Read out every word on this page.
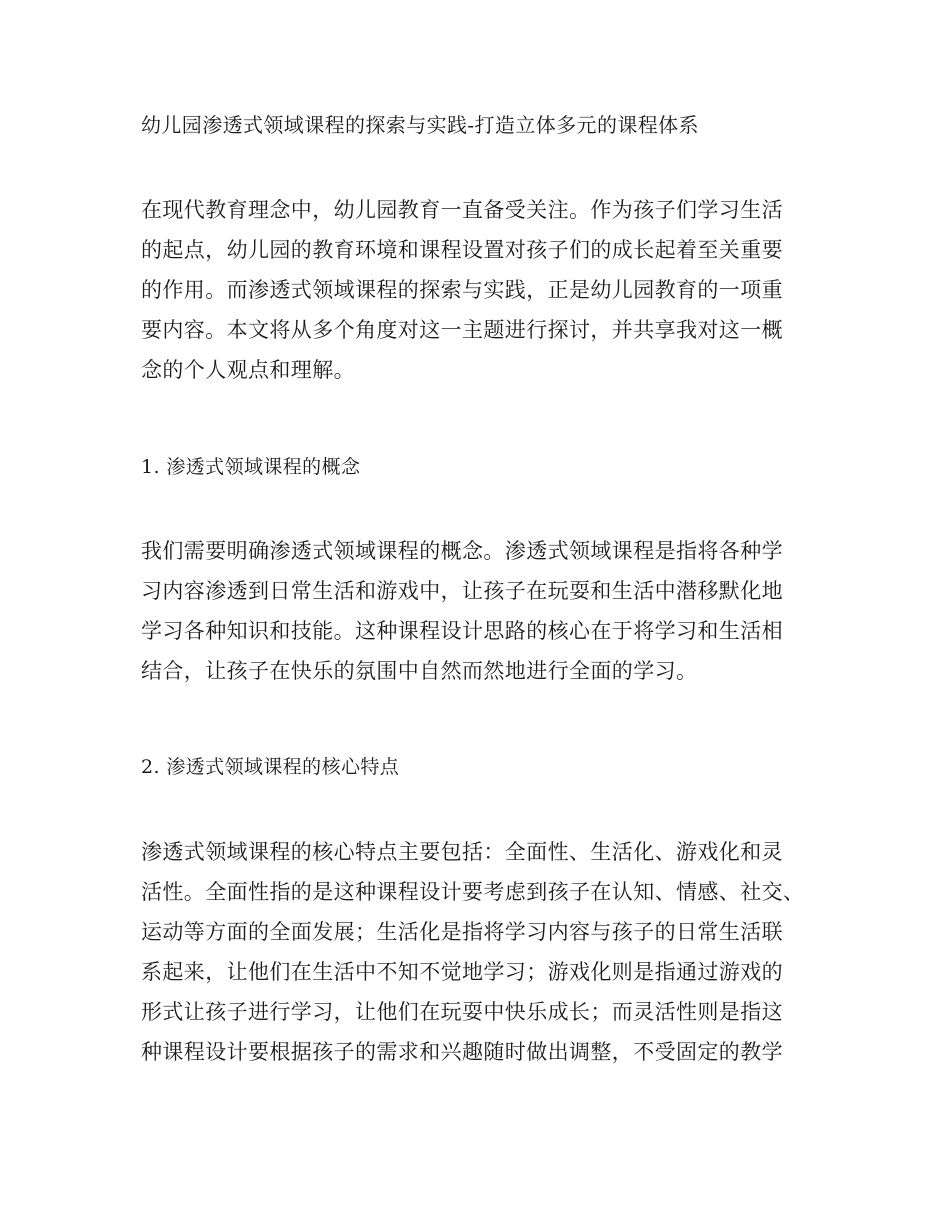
幼儿园渗透式领域课程的探索与实践-打造立体多元的课程体系
在现代教育理念中，幼儿园教育一直备受关注。作为孩子们学习生活
的起点，幼儿园的教育环境和课程设置对孩子们的成长起着至关重要
的作用。而渗透式领域课程的探索与实践，正是幼儿园教育的一项重
要内容。本文将从多个角度对这一主题进行探讨，并共享我对这一概
念的个人观点和理解。
1. 渗透式领域课程的概念
我们需要明确渗透式领域课程的概念。渗透式领域课程是指将各种学
习内容渗透到日常生活和游戏中，让孩子在玩耍和生活中潜移默化地
学习各种知识和技能。这种课程设计思路的核心在于将学习和生活相
结合，让孩子在快乐的氛围中自然而然地进行全面的学习。
2. 渗透式领域课程的核心特点
渗透式领域课程的核心特点主要包括：全面性、生活化、游戏化和灵
活性。全面性指的是这种课程设计要考虑到孩子在认知、情感、社交、
运动等方面的全面发展；生活化是指将学习内容与孩子的日常生活联
系起来，让他们在生活中不知不觉地学习；游戏化则是指通过游戏的
形式让孩子进行学习，让他们在玩耍中快乐成长；而灵活性则是指这
种课程设计要根据孩子的需求和兴趣随时做出调整，不受固定的教学
